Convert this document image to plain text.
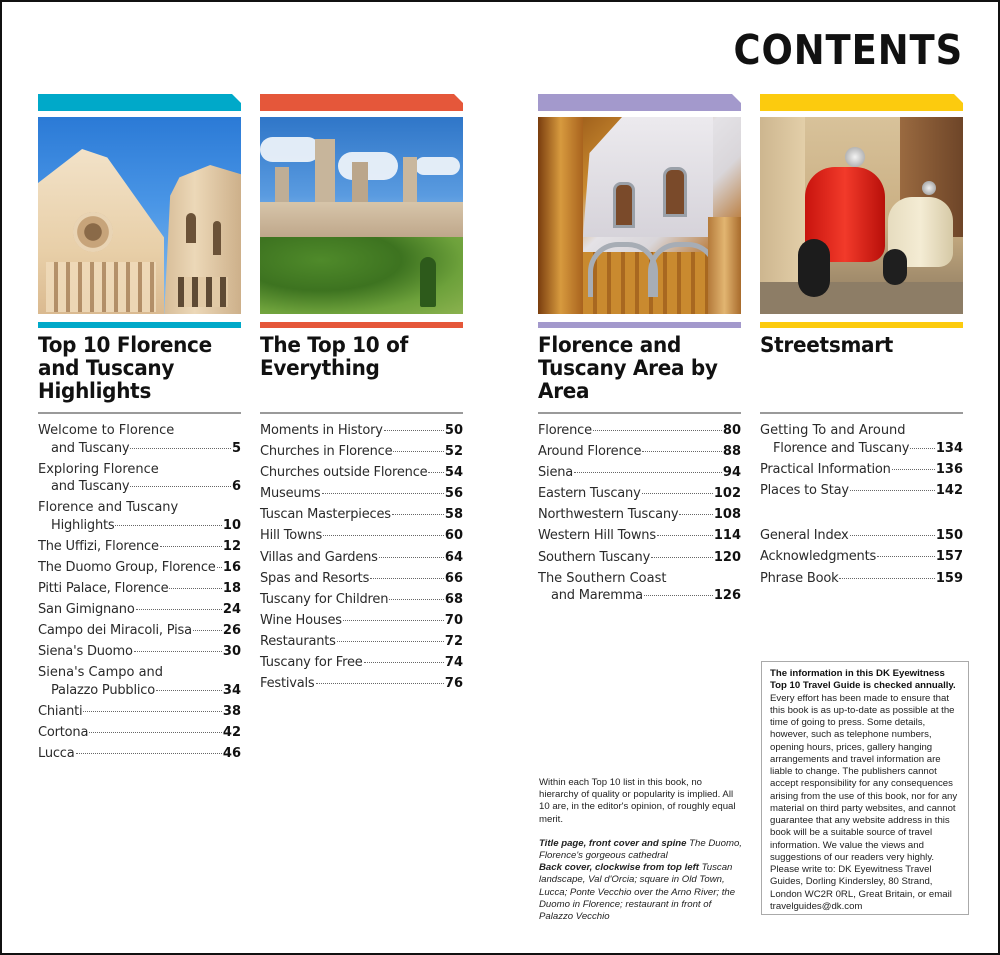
CONTENTS
Top 10 Florence and Tuscany Highlights
Welcome to Florence
and Tuscany	5
Exploring Florence
and Tuscany	6
Florence and Tuscany
Highlights	10
The Uffizi, Florence	12
The Duomo Group, Florence 16
Pitti Palace, Florence	18
San Gimignano	24
Campo dei Miracoli, Pisa 26
Siena's Duomo	30
Siena's Campo and
Palazzo Pubblico	34
Chianti	38
Cortona	42
Lucca	46
The Top 10 of Everything
Moments in History	50
Churches in Florence	52
Churches outside Florence 54
Museums	56
Tuscan Masterpieces	58
Hill Towns	60
Villas and Gardens	64
Spas and Resorts	66
Tuscany for Children	68
Wine Houses	70
Restaurants	72
Tuscany for Free	74
Festivals	76
Florence and Tuscany Area by Area
Florence	80
Around Florence	88
Siena	94
Eastern Tuscany	102
Northwestern Tuscany	108
Western Hill Towns	114
Southern Tuscany	120
The Southern Coast
and Maremma	126
Streetsmart
Getting To and Around
Florence and Tuscany 134
Practical Information	136
Places to Stay	142
General Index	150
Acknowledgments	157
Phrase Book	159

Within each Top 10 list in this book, no hierarchy of quality or popularity is implied. All 10 are, in the editor's opinion, of roughly equal merit.

Title page, front cover and spine The Duomo, Florence's gorgeous cathedral
Back cover, clockwise from top left Tuscan landscape, Val d'Orcia; square in Old Town, Lucca; Ponte Vecchio over the Arno River; the Duomo in Florence; restaurant in front of Palazzo Vecchio
The information in this DK Eyewitness Top 10 Travel Guide is checked annually. Every effort has been made to ensure that this book is as up-to-date as possible at the time of going to press. Some details, however, such as telephone numbers, opening hours, prices, gallery hanging arrangements and travel information are liable to change. The publishers cannot accept responsibility for any consequences arising from the use of this book, nor for any material on third party websites, and cannot guarantee that any website address in this book will be a suitable source of travel information. We value the views and suggestions of our readers very highly. Please write to: DK Eyewitness Travel Guides, Dorling Kindersley, 80 Strand, London WC2R 0RL, Great Britain, or email travelguides@dk.com
